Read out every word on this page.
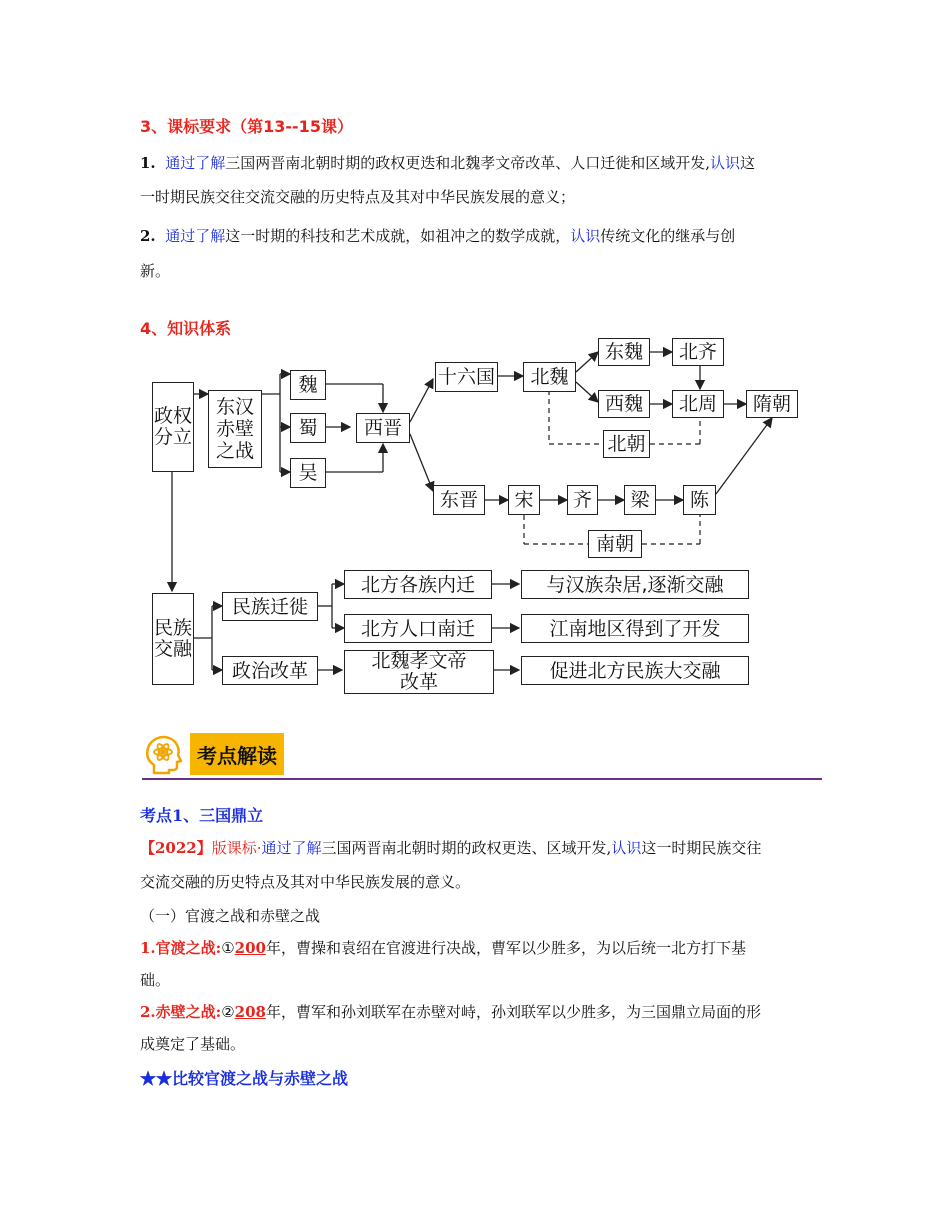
3、课标要求（第13--15课）
1. 通过了解三国两晋南北朝时期的政权更迭和北魏孝文帝改革、人口迁徙和区域开发,认识这
一时期民族交往交流交融的历史特点及其对中华民族发展的意义；
2. 通过了解这一时期的科技和艺术成就，如祖冲之的数学成就，认识传统文化的继承与创
新。
4、知识体系
政权分立
东汉赤壁之战
魏
蜀
吴
西晋
十六国	北魏
东魏	北齐
西魏	北周	隋朝
北朝
东晋	宋	齐	梁	陈
南朝
民族交融
民族迁徙
政治改革
北方各族内迁
北方人口南迁
北魏孝文帝
改革
与汉族杂居,逐渐交融
江南地区得到了开发
促进北方民族大交融
考点解读
考点1、三国鼎立
【2022】版课标·通过了解三国两晋南北朝时期的政权更迭、区域开发,认识这一时期民族交往
交流交融的历史特点及其对中华民族发展的意义。
（一）官渡之战和赤壁之战
1.官渡之战:①200年，曹操和袁绍在官渡进行决战，曹军以少胜多，为以后统一北方打下基
础。
2.赤壁之战:②208年，曹军和孙刘联军在赤壁对峙，孙刘联军以少胜多，为三国鼎立局面的形
成奠定了基础。
★★比较官渡之战与赤壁之战
